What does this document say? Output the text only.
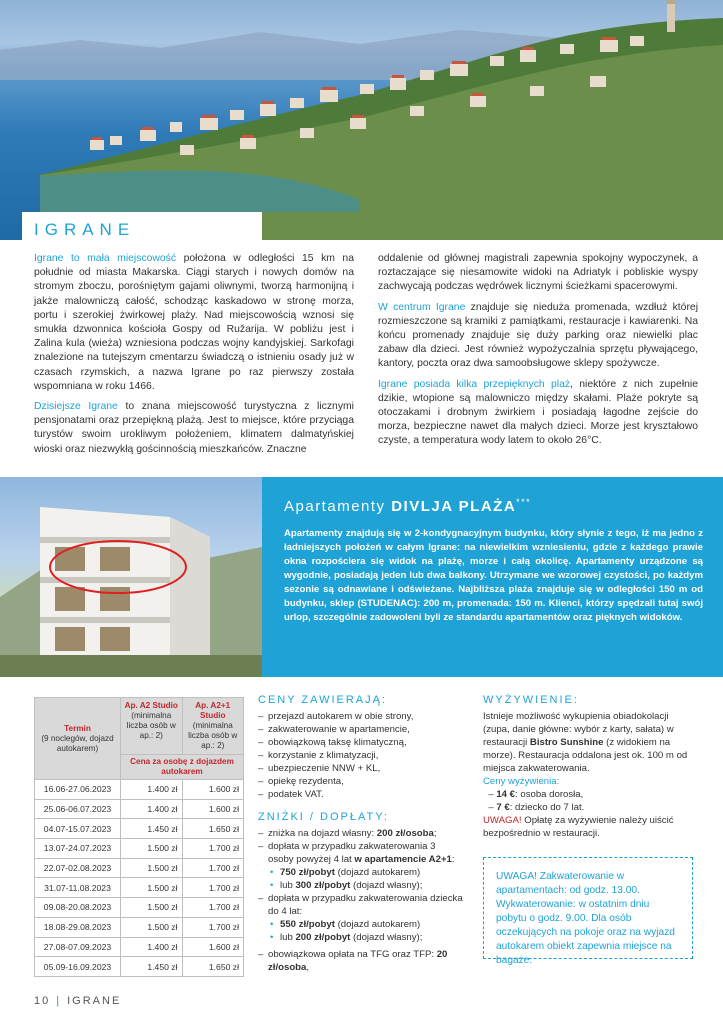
IGRANE

Igrane to mała miejscowość położona w odległości 15 km na południe od miasta Makarska. Ciągi starych i nowych domów na stromym zboczu, porośniętym gajami oliwnymi, tworzą harmonijną i jakże malowniczą całość, schodząc kaskadowo w stronę morza, portu i szerokiej żwirkowej plaży. Nad miejscowością wznosi się smukła dzwonnica kościoła Gospy od Ružarija. W pobliżu jest i Zalina kula (wieża) wzniesiona podczas wojny kandyjskiej. Sarkofagi znalezione na tutejszym cmentarzu świadczą o istnieniu osady już w czasach rzymskich, a nazwa Igrane po raz pierwszy została wspomniana w roku 1466.

Dzisiejsze Igrane to znana miejscowość turystyczna z licznymi pensjonatami oraz przepiękną plażą. Jest to miejsce, które przyciąga turystów swoim urokliwym położeniem, klimatem dalmatyńskiej wioski oraz niezwykłą gościnnością mieszkańców. Znaczne

oddalenie od głównej magistrali zapewnia spokojny wypoczynek, a roztaczające się niesamowite widoki na Adriatyk i pobliskie wyspy zachwycają podczas wędrówek licznymi ścieżkami spacerowymi.

W centrum Igrane znajduje się nieduża promenada, wzdłuż której rozmieszczone są kramiki z pamiątkami, restauracje i kawiarenki. Na końcu promenady znajduje się duży parking oraz niewielki plac zabaw dla dzieci. Jest również wypożyczalnia sprzętu pływającego, kantory, poczta oraz dwa samoobsługowe sklepy spożywcze.

Igrane posiada kilka przepięknych plaż, niektóre z nich zupełnie dzikie, wtopione są malowniczo między skałami. Plaże pokryte są otoczakami i drobnym żwirkiem i posiadają łagodne zejście do morza, bezpieczne nawet dla małych dzieci. Morze jest kryształowo czyste, a temperatura wody latem to około 26°C.

Apartamenty DIVLJA PLAŻA***

Apartamenty znajdują się w 2-kondygnacyjnym budynku, który słynie z tego, iż ma jedno z ładniejszych położeń w całym Igrane: na niewielkim wzniesieniu, gdzie z każdego prawie okna rozpościera się widok na plażę, morze i całą okolicę. Apartamenty urządzone są wygodnie, posiadają jeden lub dwa balkony. Utrzymane we wzorowej czystości, po każdym sezonie są odnawiane i odświeżane. Najbliższa plaża znajduje się w odległości 150 m od budynku, sklep (STUDENAC): 200 m, promenada: 150 m. Klienci, którzy spędzali tutaj swój urlop, szczególnie zadowoleni byli ze standardu apartamentów oraz pięknych widoków.

Termin
(9 noclegów, dojazd autokarem)	Ap. A2 Studio
(minimalna liczba osób w ap.: 2)	Ap. A2+1 Studio
(minimalna liczba osób w ap.: 2)

	Cena za osobę z dojazdem autokarem	
16.06-27.06.2023	1.400 zł	1.600 zł
25.06-06.07.2023	1.400 zł	1.600 zł
04.07-15.07.2023	1.450 zł	1.650 zł
13.07-24.07.2023	1.500 zł	1.700 zł
22.07-02.08.2023	1.500 zł	1.700 zł
31.07-11.08.2023	1.500 zł	1.700 zł
09.08-20.08.2023	1.500 zł	1.700 zł
18.08-29.08.2023	1.500 zł	1.700 zł
27.08-07.09.2023	1.400 zł	1.600 zł
05.09-16.09.2023	1.450 zł	1.650 zł
CENY ZAWIERAJĄ:
– przejazd autokarem w obie strony,
– zakwaterowanie w apartamencie,
– obowiązkową taksę klimatyczną,
– korzystanie z klimatyzacji,
– ubezpieczenie NNW + KL,
– opiekę rezydenta,
– podatek VAT.
ZNIŻKI / DOPŁATY:
– zniżka na dojazd własny: 200 zł/osoba;
– dopłata w przypadku zakwaterowania 3 osoby powyżej 4 lat w apartamencie A2+1:
• 750 zł/pobyt (dojazd autokarem)
• lub 300 zł/pobyt (dojazd własny);
– dopłata w przypadku zakwaterowania dziecka do 4 lat:
• 550 zł/pobyt (dojazd autokarem)
• lub 200 zł/pobyt (dojazd własny);
– obowiązkowa opłata na TFG oraz TFP: 20 zł/osoba,
WYŻYWIENIE:

Istnieje możliwość wykupienia obiadokolacji (zupa, danie główne: wybór z karty, sałata) w restauracji Bistro Sunshine (z widokiem na morze). Restauracja oddalona jest ok. 100 m od miejsca zakwaterowania.

Ceny wyżywienia:

– 14 €: osoba dorosła,

– 7 €: dziecko do 7 lat.

UWAGA! Opłatę za wyżywienie należy uiścić bezpośrednio w restauracji.

UWAGA! Zakwaterowanie w apartamentach: od godz. 13.00. Wykwaterowanie: w ostatnim dniu pobytu o godz. 9.00. Dla osób oczekujących na pokoje oraz na wyjazd autokarem obiekt zapewnia miejsce na bagaże.
10 | IGRANE
